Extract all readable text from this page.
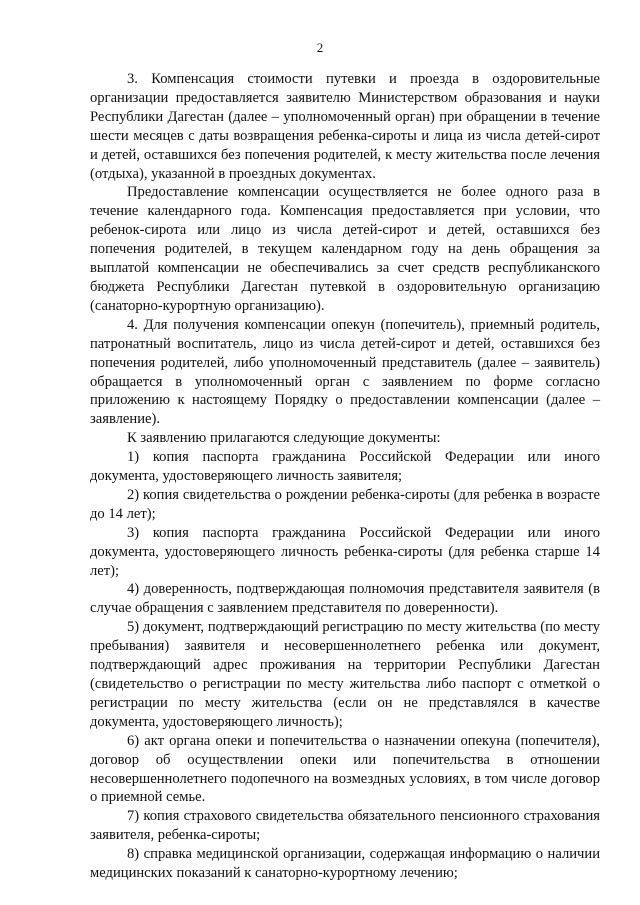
2

3. Компенсация стоимости путевки и проезда в оздоровительные организации предоставляется заявителю Министерством образования и науки Республики Дагестан (далее – уполномоченный орган) при обращении в течение шести месяцев с даты возвращения ребенка-сироты и лица из числа детей-сирот и детей, оставшихся без попечения родителей, к месту жительства после лечения (отдыха), указанной в проездных документах.

Предоставление компенсации осуществляется не более одного раза в течение календарного года. Компенсация предоставляется при условии, что ребенок-сирота или лицо из числа детей-сирот и детей, оставшихся без попечения родителей, в текущем календарном году на день обращения за выплатой компенсации не обеспечивались за счет средств республиканского бюджета Республики Дагестан путевкой в оздоровительную организацию (санаторно-курортную организацию).

4. Для получения компенсации опекун (попечитель), приемный родитель, патронатный воспитатель, лицо из числа детей-сирот и детей, оставшихся без попечения родителей, либо уполномоченный представитель (далее – заявитель) обращается в уполномоченный орган с заявлением по форме согласно приложению к настоящему Порядку о предоставлении компенсации (далее – заявление).

К заявлению прилагаются следующие документы:

1) копия паспорта гражданина Российской Федерации или иного документа, удостоверяющего личность заявителя;

2) копия свидетельства о рождении ребенка-сироты (для ребенка в возрасте до 14 лет);

3) копия паспорта гражданина Российской Федерации или иного документа, удостоверяющего личность ребенка-сироты (для ребенка старше 14 лет);

4) доверенность, подтверждающая полномочия представителя заявителя (в случае обращения с заявлением представителя по доверенности).

5) документ, подтверждающий регистрацию по месту жительства (по месту пребывания) заявителя и несовершеннолетнего ребенка или документ, подтверждающий адрес проживания на территории Республики Дагестан (свидетельство о регистрации по месту жительства либо паспорт с отметкой о регистрации по месту жительства (если он не представлялся в качестве документа, удостоверяющего личность);

6) акт органа опеки и попечительства о назначении опекуна (попечителя), договор об осуществлении опеки или попечительства в отношении несовершеннолетнего подопечного на возмездных условиях, в том числе договор о приемной семье.

7) копия страхового свидетельства обязательного пенсионного страхования заявителя, ребенка-сироты;

8) справка медицинской организации, содержащая информацию о наличии медицинских показаний к санаторно-курортному лечению;
